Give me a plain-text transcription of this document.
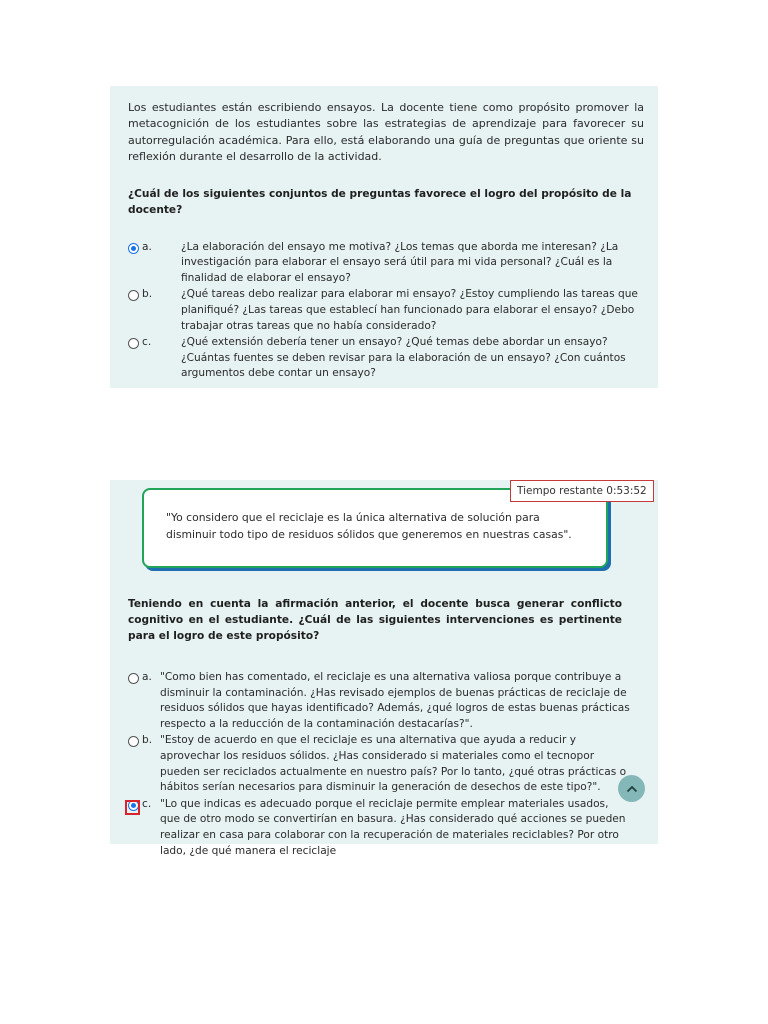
Los estudiantes están escribiendo ensayos. La docente tiene como propósito promover la metacognición de los estudiantes sobre las estrategias de aprendizaje para favorecer su autorregulación académica. Para ello, está elaborando una guía de preguntas que oriente su reflexión durante el desarrollo de la actividad.

¿Cuál de los siguientes conjuntos de preguntas favorece el logro del propósito de la docente?

a.	¿La elaboración del ensayo me motiva? ¿Los temas que aborda me interesan? ¿La investigación para elaborar el ensayo será útil para mi vida personal? ¿Cuál es la finalidad de elaborar el ensayo?
b.	¿Qué tareas debo realizar para elaborar mi ensayo? ¿Estoy cumpliendo las tareas que planifiqué? ¿Las tareas que establecí han funcionado para elaborar el ensayo? ¿Debo trabajar otras tareas que no había considerado?
c.	¿Qué extensión debería tener un ensayo? ¿Qué temas debe abordar un ensayo? ¿Cuántas fuentes se deben revisar para la elaboración de un ensayo? ¿Con cuántos argumentos debe contar un ensayo?
"Yo considero que el reciclaje es la única alternativa de solución para disminuir todo tipo de residuos sólidos que generemos en nuestras casas".

Teniendo en cuenta la afirmación anterior, el docente busca generar conflicto cognitivo en el estudiante. ¿Cuál de las siguientes intervenciones es pertinente para el logro de este propósito?

a. "Como bien has comentado, el reciclaje es una alternativa valiosa porque contribuye a disminuir la contaminación. ¿Has revisado ejemplos de buenas prácticas de reciclaje de residuos sólidos que hayas identificado? Además, ¿qué logros de estas buenas prácticas respecto a la reducción de la contaminación destacarías?".
b. "Estoy de acuerdo en que el reciclaje es una alternativa que ayuda a reducir y aprovechar los residuos sólidos. ¿Has considerado si materiales como el tecnopor pueden ser reciclados actualmente en nuestro país? Por lo tanto, ¿qué otras prácticas o hábitos serían necesarios para disminuir la generación de desechos de este tipo?".
c. "Lo que indicas es adecuado porque el reciclaje permite emplear materiales usados, que de otro modo se convertirían en basura. ¿Has considerado qué acciones se pueden realizar en casa para colaborar con la recuperación de materiales reciclables? Por otro lado, ¿de qué manera el reciclaje
Tiempo restante 0:53:52
